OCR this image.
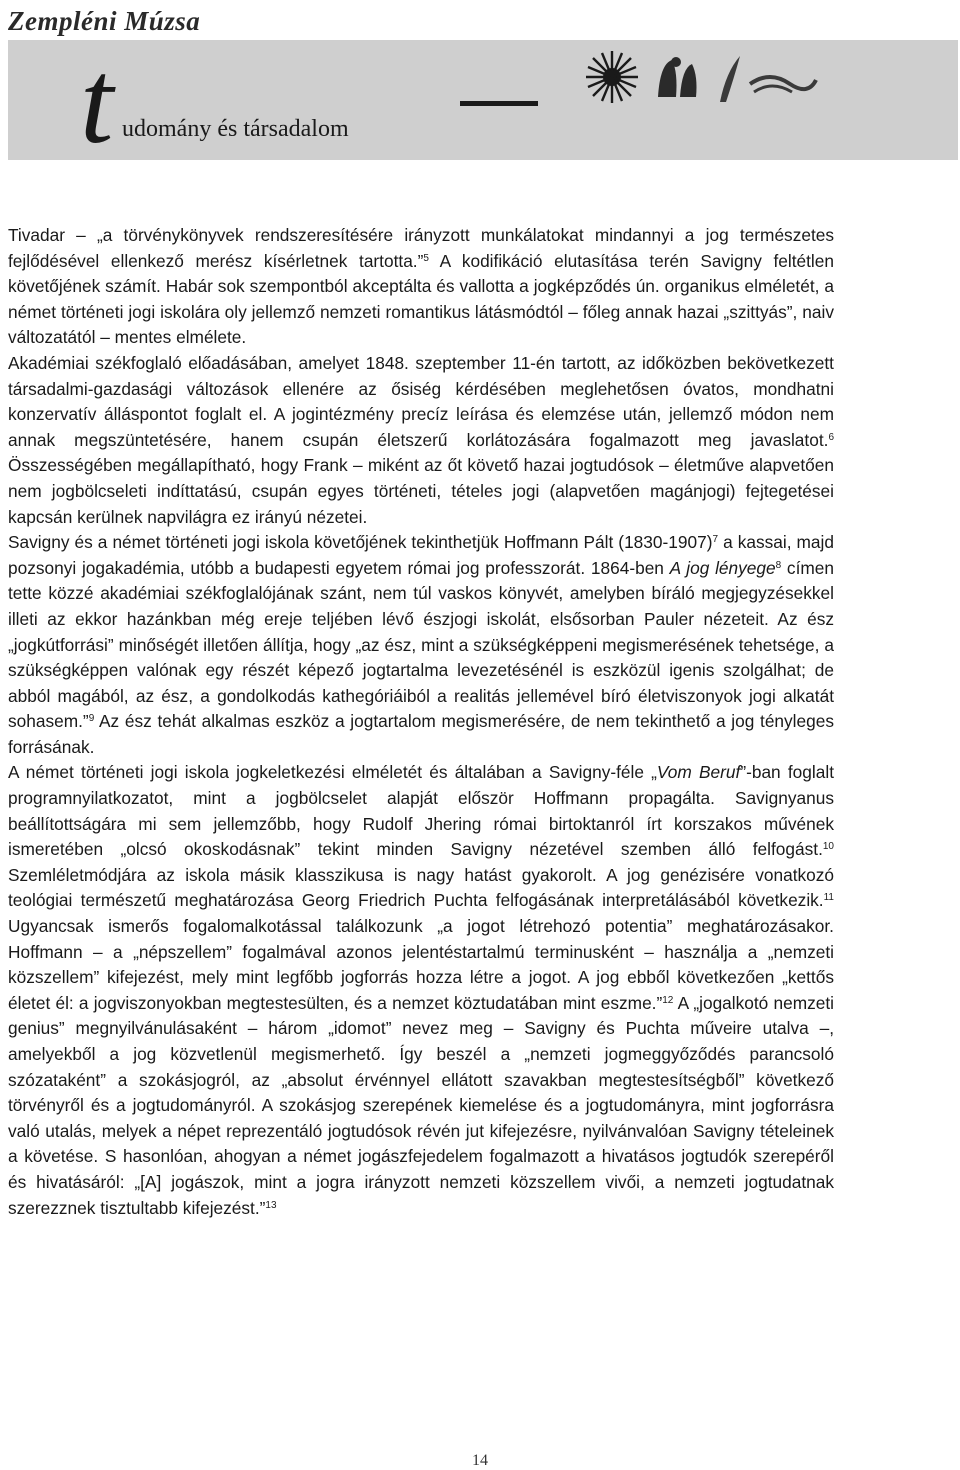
Zempléni Múzsa
t udomány és társadalom

Tivadar – „a törvénykönyvek rendszeresítésére irányzott munkálatokat mindannyi a jog természetes fejlődésével ellenkező merész kísérletnek tartotta.”$^5$ A kodifikáció elutasítása terén Savigny feltétlen követőjének számít. Habár sok szempontból akceptálta és vallotta a jogképződés ún. organikus elméletét, a német történeti jogi iskolára oly jellemző nemzeti romantikus látásmódtól – főleg annak hazai „szittyás”, naiv változatától – mentes elmélete.

Akadémiai székfoglaló előadásában, amelyet 1848. szeptember 11-én tartott, az időközben bekövetkezett társadalmi-gazdasági változások ellenére az ősiség kérdésében meglehetősen óvatos, mondhatni konzervatív álláspontot foglalt el. A jogintézmény precíz leírása és elemzése után, jellemző módon nem annak megszüntetésére, hanem csupán életszerű korlátozására fogalmazott meg javaslatot.$^6$ Összességében megállapítható, hogy Frank – miként az őt követő hazai jogtudósok – életműve alapvetően nem jogbölcseleti indíttatású, csupán egyes történeti, tételes jogi (alapvetően magánjogi) fejtegetései kapcsán kerülnek napvilágra ez irányú nézetei.

Savigny és a német történeti jogi iskola követőjének tekinthetjük Hoffmann Pált (1830-1907)$^7$ a kassai, majd pozsonyi jogakadémia, utóbb a budapesti egyetem római jog professzorát. 1864-ben A jog lényege$^8$ címen tette közzé akadémiai székfoglalójának szánt, nem túl vaskos könyvét, amelyben bíráló megjegyzésekkel illeti az ekkor hazánkban még ereje teljében lévő észjogi iskolát, elsősorban Pauler nézeteit. Az ész „jogkútforrási” minőségét illetően állítja, hogy „az ész, mint a szükségképpeni megismerésének tehetsége, a szükségképpen valónak egy részét képező jogtartalma levezetésénél is eszközül igenis szolgálhat; de abból magából, az ész, a gondolkodás kathegóriáiból a realitás jellemével bíró életviszonyok jogi alkatát sohasem.”$^9$ Az ész tehát alkalmas eszköz a jogtartalom megismerésére, de nem tekinthető a jog tényleges forrásának.

A német történeti jogi iskola jogkeletkezési elméletét és általában a Savigny-féle „Vom Beruf”-ban foglalt programnyilatkozatot, mint a jogbölcselet alapját először Hoffmann propagálta. Savignyanus beállítottságára mi sem jellemzőbb, hogy Rudolf Jhering római birtoktanról írt korszakos művének ismeretében „olcsó okoskodásnak” tekint minden Savigny nézetével szemben álló felfogást.$^{10}$ Szemléletmódjára az iskola másik klasszikusa is nagy hatást gyakorolt. A jog genézisére vonatkozó teológiai természetű meghatározása Georg Friedrich Puchta felfogásának interpretálásából következik.$^{11}$ Ugyancsak ismerős fogalomalkotással találkozunk „a jogot létrehozó potentia” meghatározásakor. Hoffmann – a „népszellem” fogalmával azonos jelentéstartalmú terminusként – használja a „nemzeti közszellem” kifejezést, mely mint legfőbb jogforrás hozza létre a jogot. A jog ebből következően „kettős életet él: a jogviszonyokban megtestesülten, és a nemzet köztudatában mint eszme.”$^{12}$ A „jogalkotó nemzeti genius” megnyilvánulásaként – három „idomot” nevez meg – Savigny és Puchta műveire utalva –, amelyekből a jog közvetlenül megismerhető. Így beszél a „nemzeti jogmeggyőződés parancsoló szózataként” a szokásjogról, az „absolut érvénnyel ellátott szavakban megtestesítségből” következő törvényről és a jogtudományról. A szokásjog szerepének kiemelése és a jogtudományra, mint jogforrásra való utalás, melyek a népet reprezentáló jogtudósok révén jut kifejezésre, nyilvánvalóan Savigny tételeinek a követése. S hasonlóan, ahogyan a német jogászfejedelem fogalmazott a hivatásos jogtudók szerepéről és hivatásáról: „[A] jogászok, mint a jogra irányzott nemzeti közszellem vivői, a nemzeti jogtudatnak szerezznek tisztultabb kifejezést.”$^{13}$

14
